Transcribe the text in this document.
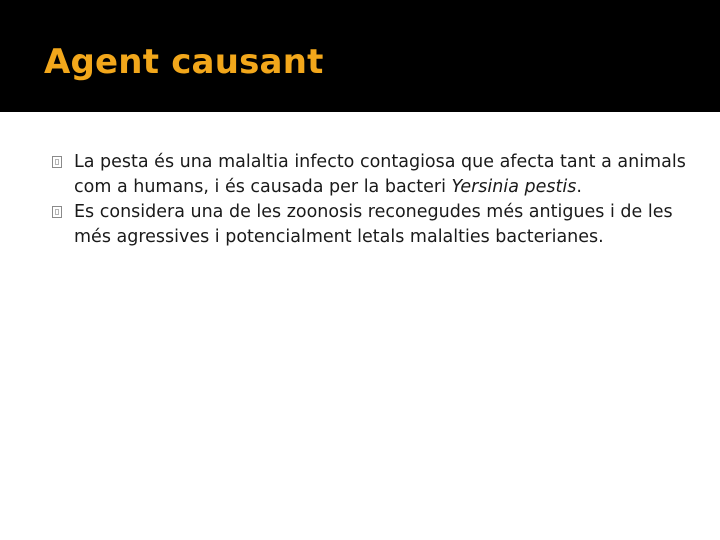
Agent causant
La pesta és una malaltia infecto contagiosa que afecta tant a animals com a humans, i és causada per la bacteri Yersinia pestis.
Es considera una de les zoonosis reconegudes més antigues i de les més agressives i potencialment letals malalties bacterianes.
